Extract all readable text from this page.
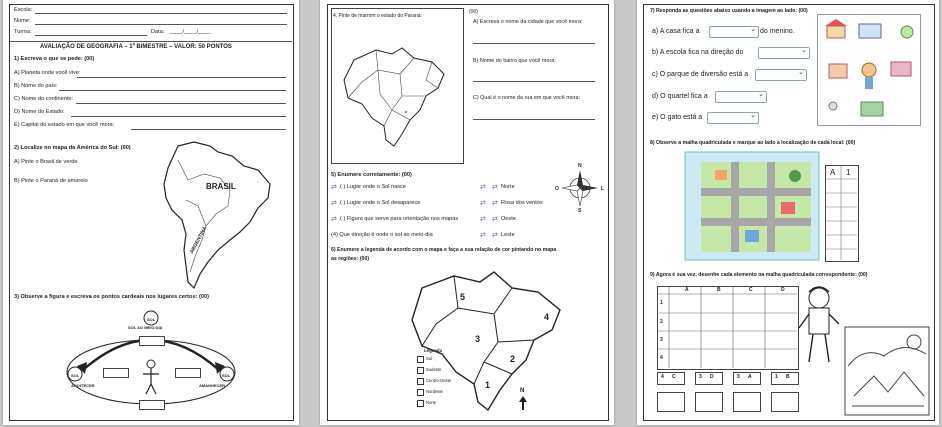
Escola:
Nome:
Turma:	Data: ____/____/____
AVALIAÇÃO DE GEOGRAFIA – 1º BIMESTRE – VALOR: 50 PONTOS
1) Escreva o que se pede: (00)
A) Planeta onde você vive:
B) Nome do país:
C) Nome do continente:
D) Nome do Estado:
E) Capital do estado em que você mora:
2) Localize no mapa da América do Sul: (00)
A) Pinte o Brasil de verde
B) Pinte o Paraná de amarelo
BRASIL
ARGENTINA
3) Observe a figura e escreva os pontos cardeais nos lugares certos: (00)
SOL
SOL AO MEIO DIA
SOL	SOL
ANOITECER	AMANHECER
4. Pinte de marrom o estado do Paraná:
(00)
A) Escreva o nome da cidade que você mora:
B) Nome do bairro que você mora:
C) Qual é o nome da rua em que você mora:
5) Enumere corretamente: (00)
⇄ ( ) Lugar onde o Sol nasce	⇄ ⇄ Norte
⇄ ( ) Lugar onde o Sol desaparece	⇄ ⇄ Rosa dos ventos
⇄ ( ) Figura que serve para orientação nos mapas	⇄ ⇄ Oeste
(4) Que direção é onde o sol ao meio-dia	⇄ ⇄ Leste
N
S
O	L
6) Enumere a legenda de acordo com o mapa e faça a sua relação de cor pintando no mapa
as regiões: (00)
5
4
3
2
1
Legenda
Sul
Sudeste
Centro-Oeste
Nordeste
Norte
N
7) Responda as questões abaixo usando a imagem ao lado: (00)
a) A casa fica a
⌄	do menino.
b) A escola fica na direção do
⌄
c) O parque de diversão está a
⌄
d) O quartel fica a
⌄
e) O gato está a
⌄
8) Observe a malha quadriculada e marque ao lado a localização de cada local: (00)
A 1
9) Agora é sua vez, desenhe cada elemento na malha quadriculada correspondente: (00)
A	B	C	D
1
2
3
4
4 C	3 D	3 A	1 B
